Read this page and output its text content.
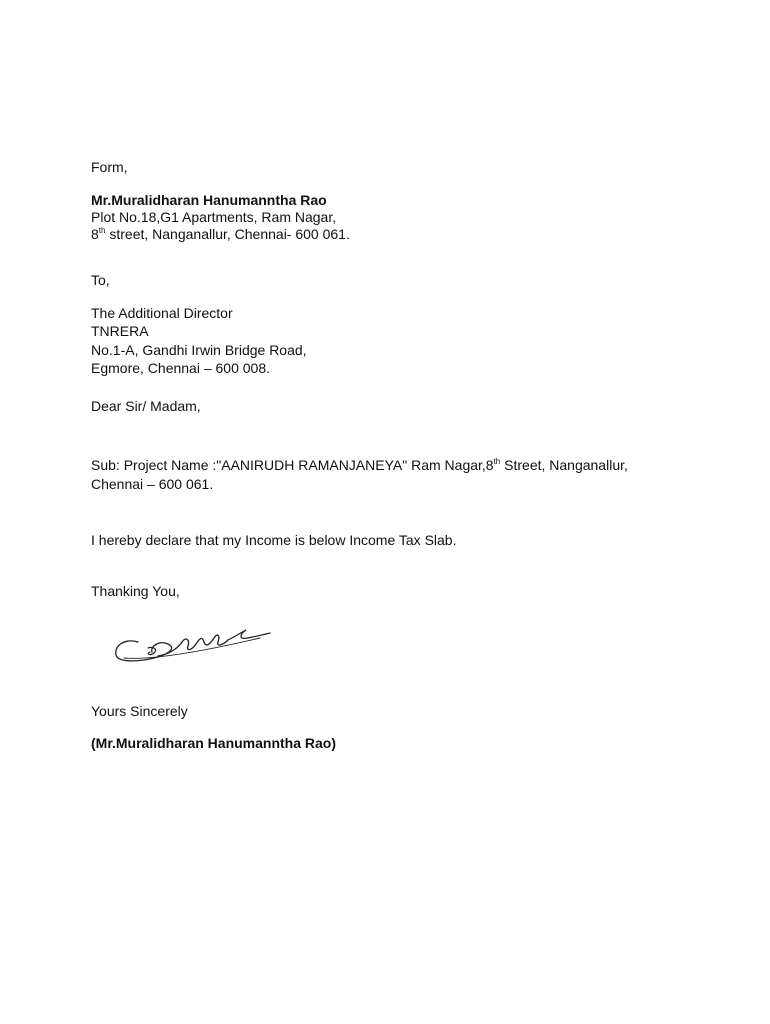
Form,
Mr.Muralidharan Hanumanntha Rao
Plot No.18,G1 Apartments, Ram Nagar,
8th street, Nanganallur, Chennai- 600 061.
To,
The Additional Director
TNRERA
No.1-A, Gandhi Irwin Bridge Road,
Egmore, Chennai – 600 008.
Dear Sir/ Madam,
Sub: Project Name :"AANIRUDH RAMANJANEYA" Ram Nagar,8th Street, Nanganallur,
Chennai – 600 061.
I hereby declare that my Income is below Income Tax Slab.
Thanking You,
Yours Sincerely
(Mr.Muralidharan Hanumanntha Rao)
